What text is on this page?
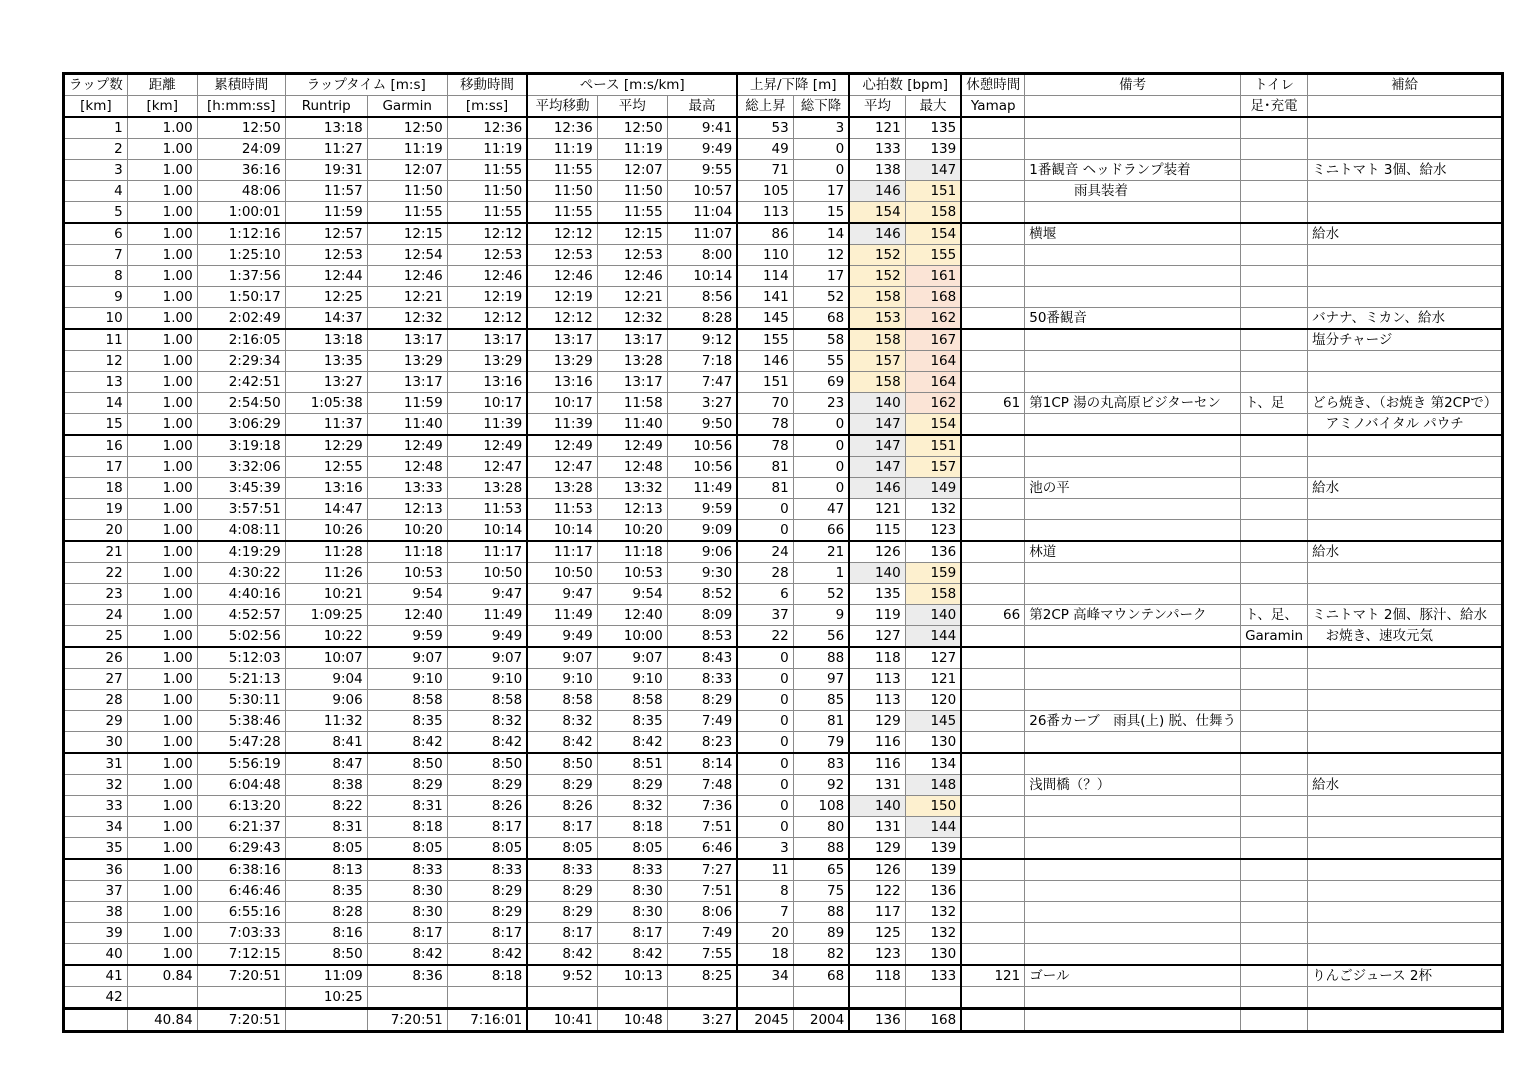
ラップ数	距離	累積時間	ラップタイム [m:s]		移動時間	ペース [m:s/km]			上昇/下降 [m]		心拍数 [bpm]		休憩時間	備考	トイレ	補給
[km]	[km]	[h:mm:ss]	Runtrip	Garmin	[m:ss]	平均移動	平均	最高	総上昇	総下降	平均	最大	Yamap		足･充電	
1	1.00	12:50	13:18	12:50	12:36	12:36	12:50	9:41	53	3	121	135				
2	1.00	24:09	11:27	11:19	11:19	11:19	11:19	9:49	49	0	133	139				
3	1.00	36:16	19:31	12:07	11:55	11:55	12:07	9:55	71	0	138	147		1番観音 ヘッドランプ装着		ミニトマト 3個、給水
4	1.00	48:06	11:57	11:50	11:50	11:50	11:50	10:57	105	17	146	151		　　　 雨具装着		
5	1.00	1:00:01	11:59	11:55	11:55	11:55	11:55	11:04	113	15	154	158				
6	1.00	1:12:16	12:57	12:15	12:12	12:12	12:15	11:07	86	14	146	154		横堰		給水
7	1.00	1:25:10	12:53	12:54	12:53	12:53	12:53	8:00	110	12	152	155				
8	1.00	1:37:56	12:44	12:46	12:46	12:46	12:46	10:14	114	17	152	161				
9	1.00	1:50:17	12:25	12:21	12:19	12:19	12:21	8:56	141	52	158	168				
10	1.00	2:02:49	14:37	12:32	12:12	12:12	12:32	8:28	145	68	153	162		50番観音		バナナ、ミカン、給水
11	1.00	2:16:05	13:18	13:17	13:17	13:17	13:17	9:12	155	58	158	167				塩分チャージ
12	1.00	2:29:34	13:35	13:29	13:29	13:29	13:28	7:18	146	55	157	164				
13	1.00	2:42:51	13:27	13:17	13:16	13:16	13:17	7:47	151	69	158	164				
14	1.00	2:54:50	1:05:38	11:59	10:17	10:17	11:58	3:27	70	23	140	162	61	第1CP 湯の丸高原ビジターセン	ト、足	どら焼き、（お焼き 第2CPで）
15	1.00	3:06:29	11:37	11:40	11:39	11:39	11:40	9:50	78	0	147	154				　アミノバイタル パウチ
16	1.00	3:19:18	12:29	12:49	12:49	12:49	12:49	10:56	78	0	147	151				
17	1.00	3:32:06	12:55	12:48	12:47	12:47	12:48	10:56	81	0	147	157				
18	1.00	3:45:39	13:16	13:33	13:28	13:28	13:32	11:49	81	0	146	149		池の平		給水
19	1.00	3:57:51	14:47	12:13	11:53	11:53	12:13	9:59	0	47	121	132				
20	1.00	4:08:11	10:26	10:20	10:14	10:14	10:20	9:09	0	66	115	123				
21	1.00	4:19:29	11:28	11:18	11:17	11:17	11:18	9:06	24	21	126	136		林道		給水
22	1.00	4:30:22	11:26	10:53	10:50	10:50	10:53	9:30	28	1	140	159				
23	1.00	4:40:16	10:21	9:54	9:47	9:47	9:54	8:52	6	52	135	158				
24	1.00	4:52:57	1:09:25	12:40	11:49	11:49	12:40	8:09	37	9	119	140	66	第2CP 高峰マウンテンパーク	ト、足、	ミニトマト 2個、豚汁、給水
25	1.00	5:02:56	10:22	9:59	9:49	9:49	10:00	8:53	22	56	127	144			Garamin	　お焼き、速攻元気
26	1.00	5:12:03	10:07	9:07	9:07	9:07	9:07	8:43	0	88	118	127				
27	1.00	5:21:13	9:04	9:10	9:10	9:10	9:10	8:33	0	97	113	121				
28	1.00	5:30:11	9:06	8:58	8:58	8:58	8:58	8:29	0	85	113	120				
29	1.00	5:38:46	11:32	8:35	8:32	8:32	8:35	7:49	0	81	129	145		26番カーブ　雨具(上) 脱、仕舞う		
30	1.00	5:47:28	8:41	8:42	8:42	8:42	8:42	8:23	0	79	116	130				
31	1.00	5:56:19	8:47	8:50	8:50	8:50	8:51	8:14	0	83	116	134				
32	1.00	6:04:48	8:38	8:29	8:29	8:29	8:29	7:48	0	92	131	148		浅間橋（？）		給水
33	1.00	6:13:20	8:22	8:31	8:26	8:26	8:32	7:36	0	108	140	150				
34	1.00	6:21:37	8:31	8:18	8:17	8:17	8:18	7:51	0	80	131	144				
35	1.00	6:29:43	8:05	8:05	8:05	8:05	8:05	6:46	3	88	129	139				
36	1.00	6:38:16	8:13	8:33	8:33	8:33	8:33	7:27	11	65	126	139				
37	1.00	6:46:46	8:35	8:30	8:29	8:29	8:30	7:51	8	75	122	136				
38	1.00	6:55:16	8:28	8:30	8:29	8:29	8:30	8:06	7	88	117	132				
39	1.00	7:03:33	8:16	8:17	8:17	8:17	8:17	7:49	20	89	125	132				
40	1.00	7:12:15	8:50	8:42	8:42	8:42	8:42	7:55	18	82	123	130				
41	0.84	7:20:51	11:09	8:36	8:18	9:52	10:13	8:25	34	68	118	133	121	ゴール		りんごジュース 2杯
42			10:25													
	40.84	7:20:51		7:20:51	7:16:01	10:41	10:48	3:27	2045	2004	136	168				
